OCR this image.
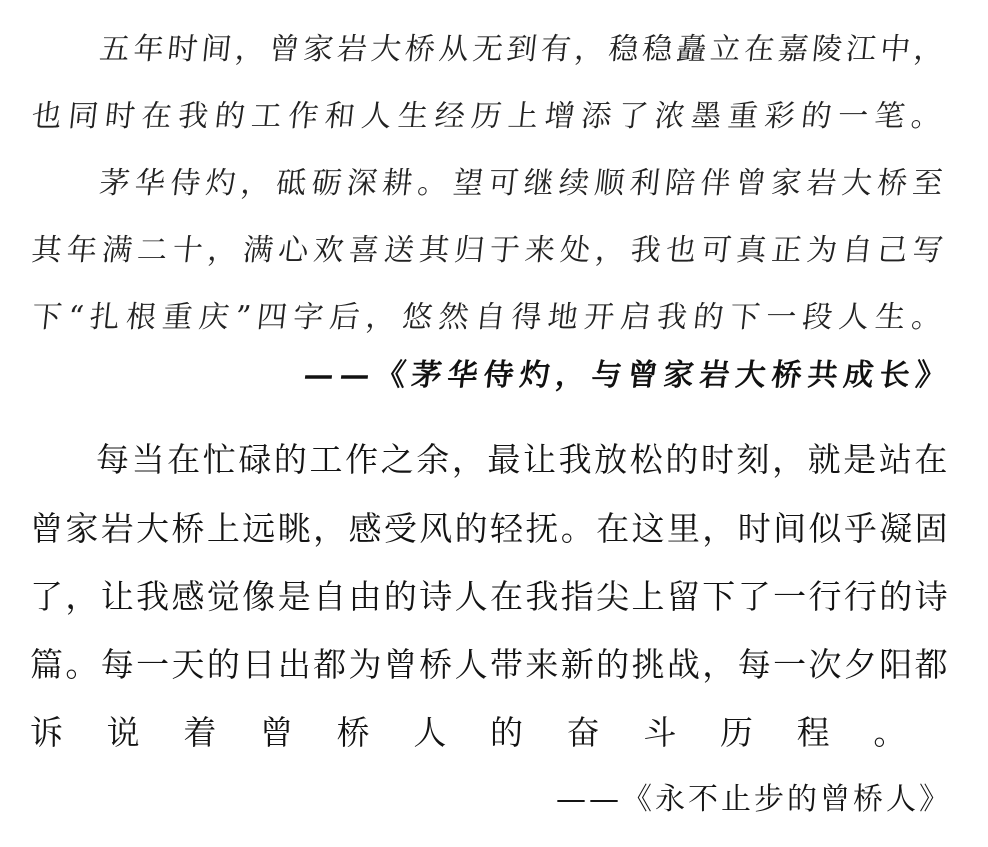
五年时间，曾家岩大桥从无到有，稳稳矗立在嘉陵江中，
也同时在我的工作和人生经历上增添了浓墨重彩的一笔。
茅华侍灼，砥砺深耕。望可继续顺利陪伴曾家岩大桥至
其年满二十，满心欢喜送其归于来处，我也可真正为自己写
下“扎根重庆”四字后，悠然自得地开启我的下一段人生。
——《茅华侍灼，与曾家岩大桥共成长》
每当在忙碌的工作之余，最让我放松的时刻，就是站在
曾家岩大桥上远眺，感受风的轻抚。在这里，时间似乎凝固
了，让我感觉像是自由的诗人在我指尖上留下了一行行的诗
篇。每一天的日出都为曾桥人带来新的挑战，每一次夕阳都
诉说着曾桥人的奋斗历程。
——《永不止步的曾桥人》
